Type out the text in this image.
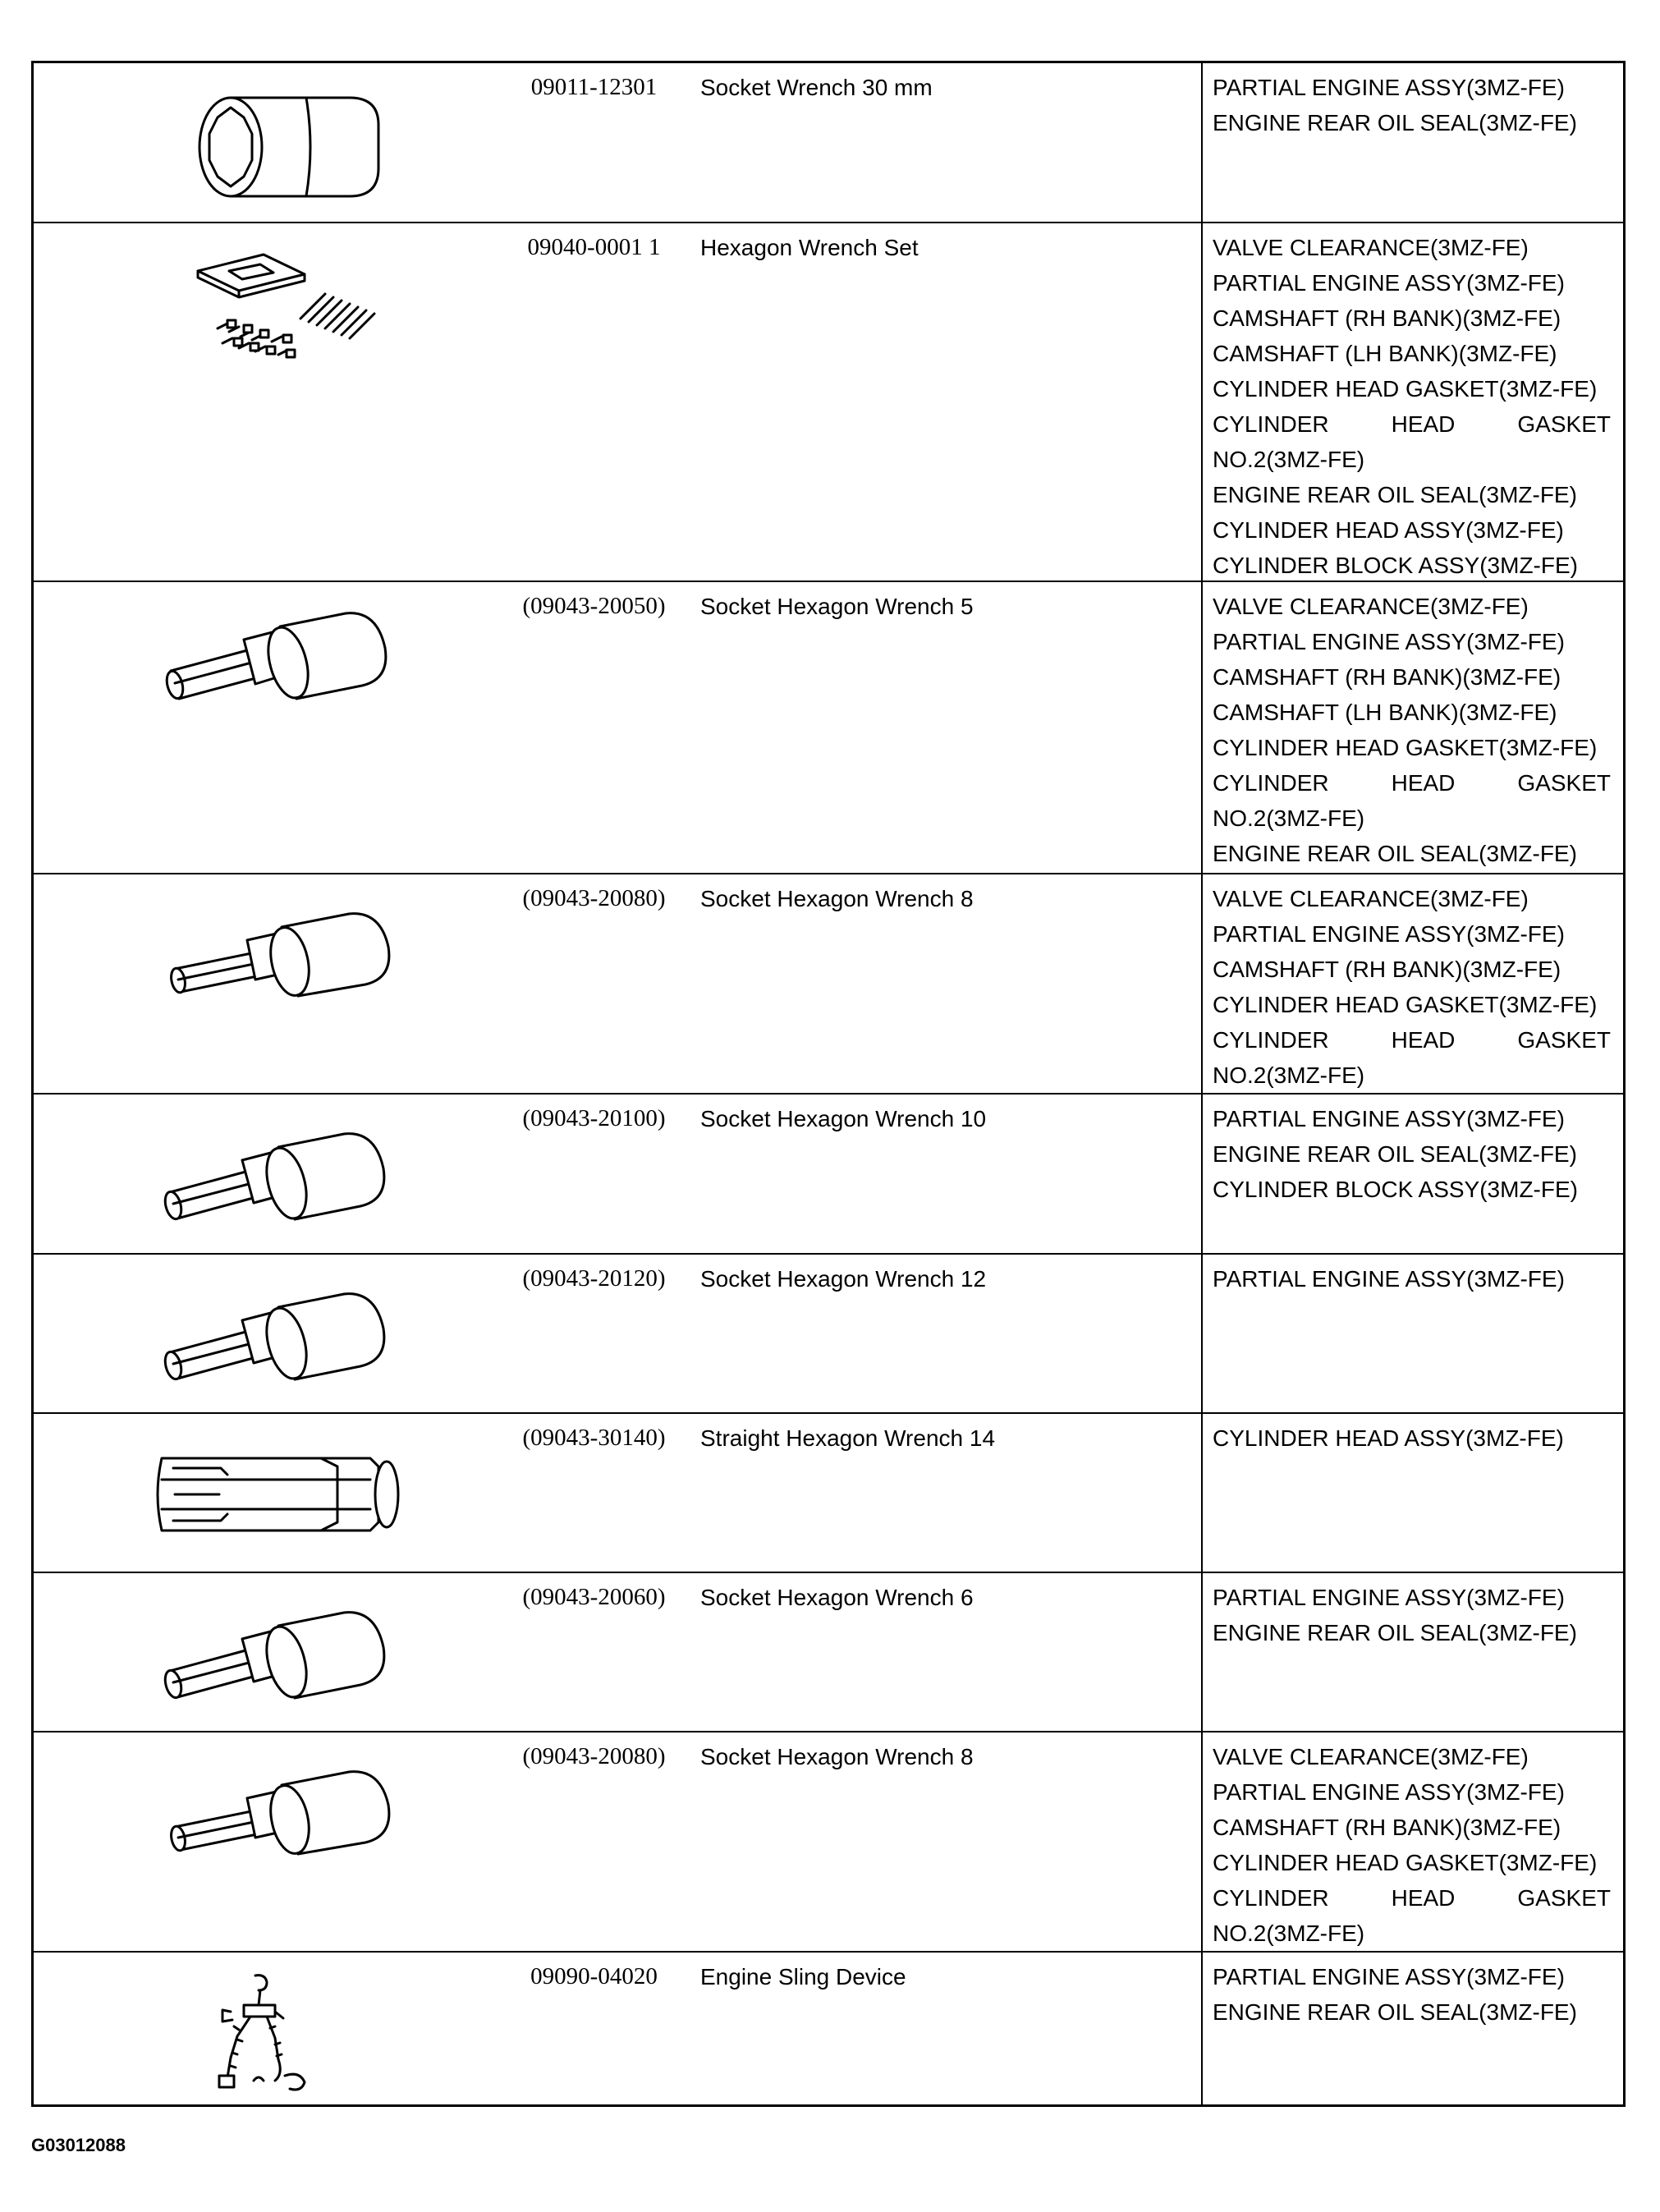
09011-12301	Socket Wrench 30 mm	PARTIAL ENGINE ASSY(3MZ-FE)
ENGINE REAR OIL SEAL(3MZ-FE)
09040-0001 1	Hexagon Wrench Set	VALVE CLEARANCE(3MZ-FE)
PARTIAL ENGINE ASSY(3MZ-FE)
CAMSHAFT (RH BANK)(3MZ-FE)
CAMSHAFT (LH BANK)(3MZ-FE)
CYLINDER HEAD GASKET(3MZ-FE)
CYLINDER	HEAD	GASKET
NO.2(3MZ-FE)
ENGINE REAR OIL SEAL(3MZ-FE)
CYLINDER HEAD ASSY(3MZ-FE)
CYLINDER BLOCK ASSY(3MZ-FE)
(09043-20050)	Socket Hexagon Wrench 5	VALVE CLEARANCE(3MZ-FE)
PARTIAL ENGINE ASSY(3MZ-FE)
CAMSHAFT (RH BANK)(3MZ-FE)
CAMSHAFT (LH BANK)(3MZ-FE)
CYLINDER HEAD GASKET(3MZ-FE)
CYLINDER	HEAD	GASKET
NO.2(3MZ-FE)
ENGINE REAR OIL SEAL(3MZ-FE)
(09043-20080)	Socket Hexagon Wrench 8	VALVE CLEARANCE(3MZ-FE)
PARTIAL ENGINE ASSY(3MZ-FE)
CAMSHAFT (RH BANK)(3MZ-FE)
CYLINDER HEAD GASKET(3MZ-FE)
CYLINDER	HEAD	GASKET
NO.2(3MZ-FE)
(09043-20100)	Socket Hexagon Wrench 10	PARTIAL ENGINE ASSY(3MZ-FE)
ENGINE REAR OIL SEAL(3MZ-FE)
CYLINDER BLOCK ASSY(3MZ-FE)
(09043-20120)	Socket Hexagon Wrench 12	PARTIAL ENGINE ASSY(3MZ-FE)
(09043-30140)	Straight Hexagon Wrench 14	CYLINDER HEAD ASSY(3MZ-FE)
(09043-20060)	Socket Hexagon Wrench 6	PARTIAL ENGINE ASSY(3MZ-FE)
ENGINE REAR OIL SEAL(3MZ-FE)
(09043-20080)	Socket Hexagon Wrench 8	VALVE CLEARANCE(3MZ-FE)
PARTIAL ENGINE ASSY(3MZ-FE)
CAMSHAFT (RH BANK)(3MZ-FE)
CYLINDER HEAD GASKET(3MZ-FE)
CYLINDER	HEAD	GASKET
NO.2(3MZ-FE)
09090-04020	Engine Sling Device	PARTIAL ENGINE ASSY(3MZ-FE)
ENGINE REAR OIL SEAL(3MZ-FE)
G03012088
